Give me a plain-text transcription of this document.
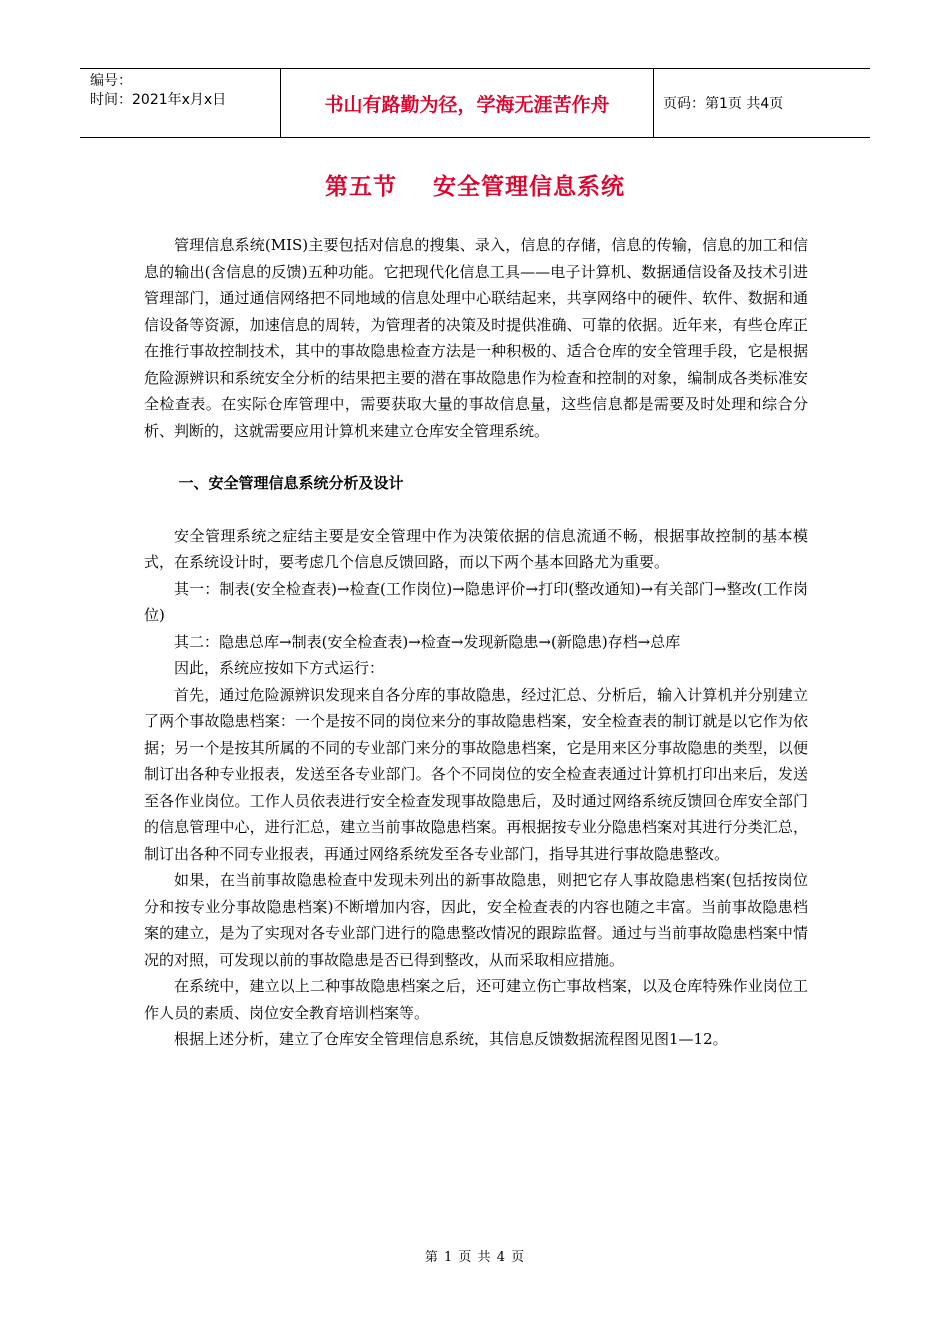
编号：
时间：2021年x月x日	书山有路勤为径，学海无涯苦作舟	页码：第1页 共4页
第五节    安全管理信息系统

管理信息系统(MIS)主要包括对信息的搜集、录入，信息的存储，信息的传输，信息的加工和信息的输出(含信息的反馈)五种功能。它把现代化信息工具——电子计算机、数据通信设备及技术引进管理部门，通过通信网络把不同地域的信息处理中心联结起来，共享网络中的硬件、软件、数据和通信设备等资源，加速信息的周转，为管理者的决策及时提供准确、可靠的依据。近年来，有些仓库正在推行事故控制技术，其中的事故隐患检查方法是一种积极的、适合仓库的安全管理手段，它是根据危险源辨识和系统安全分析的结果把主要的潜在事故隐患作为检查和控制的对象，编制成各类标准安全检查表。在实际仓库管理中，需要获取大量的事故信息量，这些信息都是需要及时处理和综合分析、判断的，这就需要应用计算机来建立仓库安全管理系统。

一、安全管理信息系统分析及设计

安全管理系统之症结主要是安全管理中作为决策依据的信息流通不畅，根据事故控制的基本模式，在系统设计时，要考虑几个信息反馈回路，而以下两个基本回路尤为重要。

其一：制表(安全检查表)→检查(工作岗位)→隐患评价→打印(整改通知)→有关部门→整改(工作岗位)

其二：隐患总库→制表(安全检查表)→检查→发现新隐患→(新隐患)存档→总库

因此，系统应按如下方式运行：

首先，通过危险源辨识发现来自各分库的事故隐患，经过汇总、分析后，输入计算机并分别建立了两个事故隐患档案：一个是按不同的岗位来分的事故隐患档案，安全检查表的制订就是以它作为依据；另一个是按其所属的不同的专业部门来分的事故隐患档案，它是用来区分事故隐患的类型，以便制订出各种专业报表，发送至各专业部门。各个不同岗位的安全检查表通过计算机打印出来后，发送至各作业岗位。工作人员依表进行安全检查发现事故隐患后，及时通过网络系统反馈回仓库安全部门的信息管理中心，进行汇总，建立当前事故隐患档案。再根据按专业分隐患档案对其进行分类汇总，制订出各种不同专业报表，再通过网络系统发至各专业部门，指导其进行事故隐患整改。

如果，在当前事故隐患检查中发现未列出的新事故隐患，则把它存人事故隐患档案(包括按岗位分和按专业分事故隐患档案)不断增加内容，因此，安全检查表的内容也随之丰富。当前事故隐患档案的建立，是为了实现对各专业部门进行的隐患整改情况的跟踪监督。通过与当前事故隐患档案中情况的对照，可发现以前的事故隐患是否已得到整改，从而采取相应措施。

在系统中，建立以上二种事故隐患档案之后，还可建立伤亡事故档案，以及仓库特殊作业岗位工作人员的素质、岗位安全教育培训档案等。

根据上述分析，建立了仓库安全管理信息系统，其信息反馈数据流程图见图1—12。

第 1 页 共 4 页
